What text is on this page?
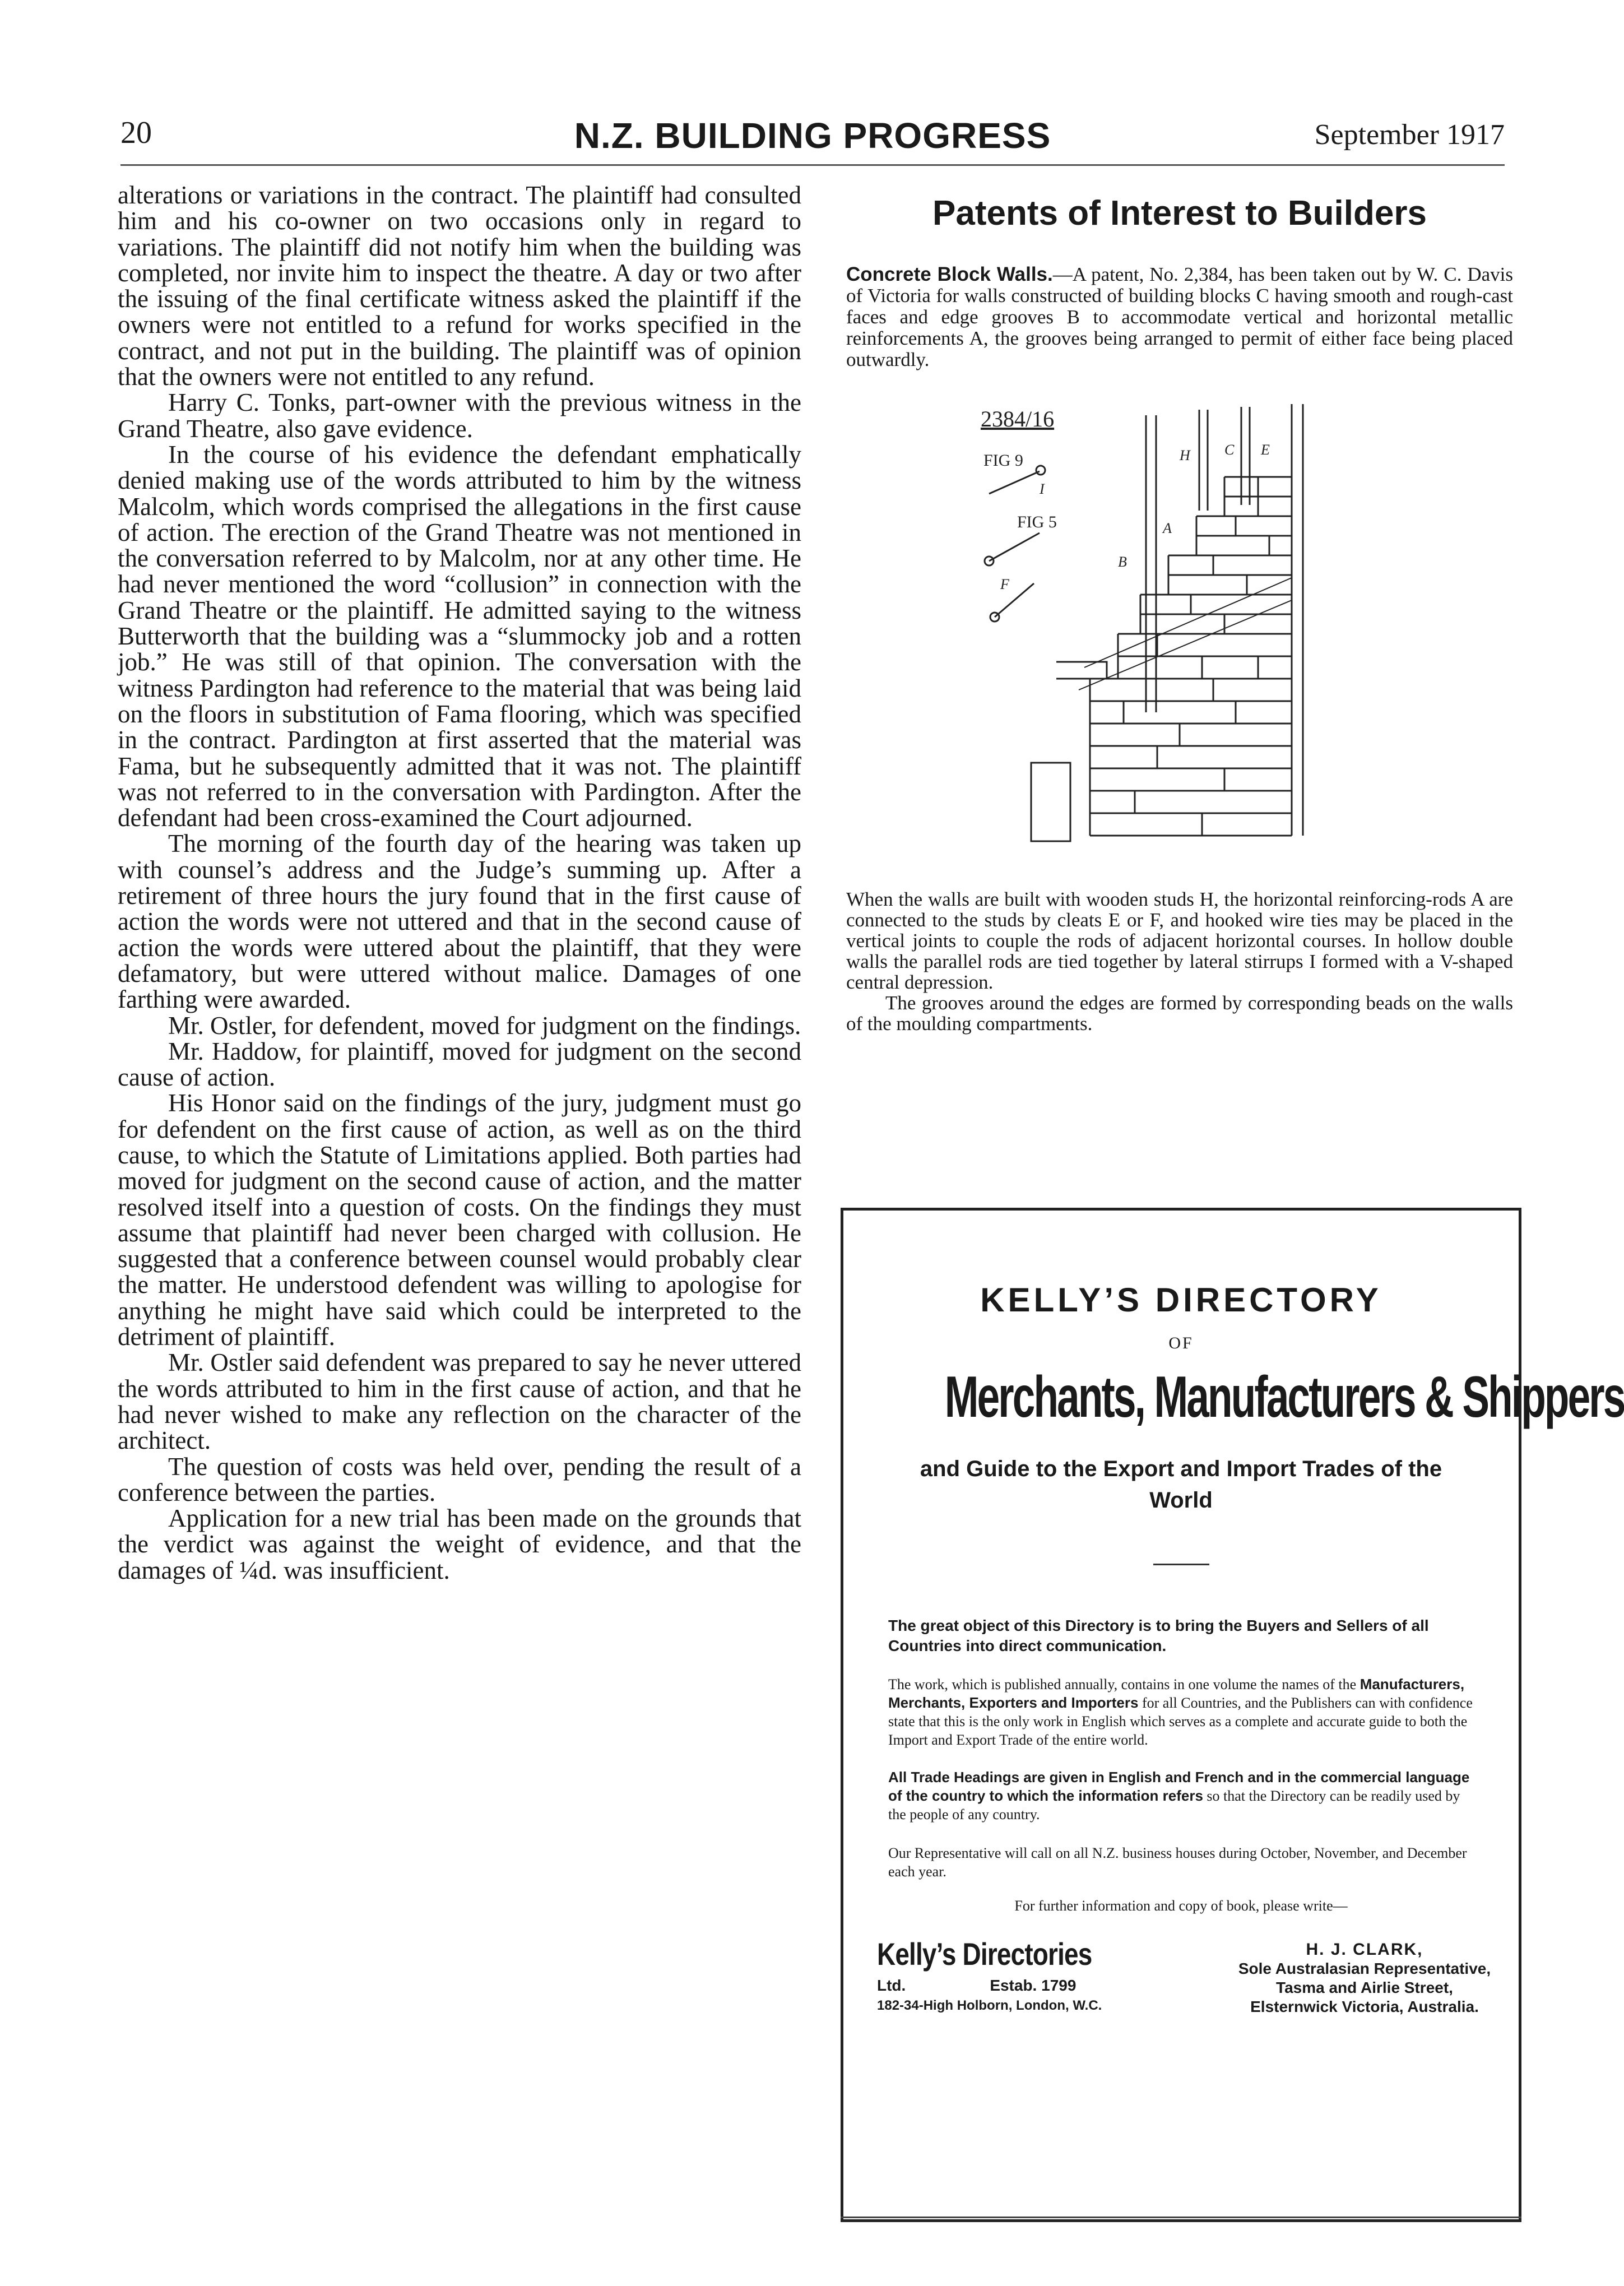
20	N.Z. BUILDING PROGRESS	September 1917

alterations or variations in the contract. The plaintiff had consulted him and his co-owner on two occasions only in regard to variations. The plaintiff did not notify him when the building was completed, nor invite him to inspect the theatre. A day or two after the issuing of the final certificate witness asked the plaintiff if the owners were not entitled to a refund for works specified in the contract, and not put in the building. The plaintiff was of opinion that the owners were not entitled to any refund.

Harry C. Tonks, part-owner with the previous witness in the Grand Theatre, also gave evidence.

In the course of his evidence the defendant emphatically denied making use of the words attributed to him by the witness Malcolm, which words comprised the allegations in the first cause of action. The erection of the Grand Theatre was not mentioned in the conversation referred to by Malcolm, nor at any other time. He had never mentioned the word “collusion” in connection with the Grand Theatre or the plaintiff. He admitted saying to the witness Butterworth that the building was a “slummocky job and a rotten job.” He was still of that opinion. The conversation with the witness Pardington had reference to the material that was being laid on the floors in substitution of Fama flooring, which was specified in the contract. Pardington at first asserted that the material was Fama, but he subsequently admitted that it was not. The plaintiff was not referred to in the conversation with Pardington. After the defendant had been cross-examined the Court adjourned.

The morning of the fourth day of the hearing was taken up with counsel’s address and the Judge’s summing up. After a retirement of three hours the jury found that in the first cause of action the words were not uttered and that in the second cause of action the words were uttered about the plaintiff, that they were defamatory, but were uttered without malice. Damages of one farthing were awarded.

Mr. Ostler, for defendent, moved for judgment on the findings.

Mr. Haddow, for plaintiff, moved for judgment on the second cause of action.

His Honor said on the findings of the jury, judgment must go for defendent on the first cause of action, as well as on the third cause, to which the Statute of Limitations applied. Both parties had moved for judgment on the second cause of action, and the matter resolved itself into a question of costs. On the findings they must assume that plaintiff had never been charged with collusion. He suggested that a conference between counsel would probably clear the matter. He understood defendent was willing to apologise for anything he might have said which could be interpreted to the detriment of plaintiff.

Mr. Ostler said defendent was prepared to say he never uttered the words attributed to him in the first cause of action, and that he had never wished to make any reflection on the character of the architect.

The question of costs was held over, pending the result of a conference between the parties.

Application for a new trial has been made on the grounds that the verdict was against the weight of evidence, and that the damages of ¼d. was insufficient.

Patents of Interest to Builders

Concrete Block Walls.—A patent, No. 2,384, has been taken out by W. C. Davis of Victoria for walls constructed of building blocks C having smooth and rough-cast faces and edge grooves B to accommodate vertical and horizontal metallic reinforcements A, the grooves being arranged to permit of either face being placed outwardly.

2384/16
FIG 9
FIG 5
H C E
A
B
F
I

When the walls are built with wooden studs H, the horizontal reinforcing-rods A are connected to the studs by cleats E or F, and hooked wire ties may be placed in the vertical joints to couple the rods of adjacent horizontal courses. In hollow double walls the parallel rods are tied together by lateral stirrups I formed with a V-shaped central depression.

The grooves around the edges are formed by corresponding beads on the walls of the moulding compartments.

KELLY’S DIRECTORY
OF
Merchants, Manufacturers & Shippers
and Guide to the Export and Import Trades of the World
The great object of this Directory is to bring the Buyers and Sellers of all Countries into direct communication.
The work, which is published annually, contains in one volume the names of the Manufacturers, Merchants, Exporters and Importers for all Countries, and the Publishers can with confidence state that this is the only work in English which serves as a complete and accurate guide to both the Import and Export Trade of the entire world.
All Trade Headings are given in English and French and in the commercial language of the country to which the information refers so that the Directory can be readily used by the people of any country.
Our Representative will call on all N.Z. business houses during October, November, and December each year.
For further information and copy of book, please write—
Kelly’s Directories
Ltd.	Estab. 1799
182-34-High Holborn, London, W.C.
H. J. CLARK,
Sole Australasian Representative,
Tasma and Airlie Street,
Elsternwick Victoria, Australia.
